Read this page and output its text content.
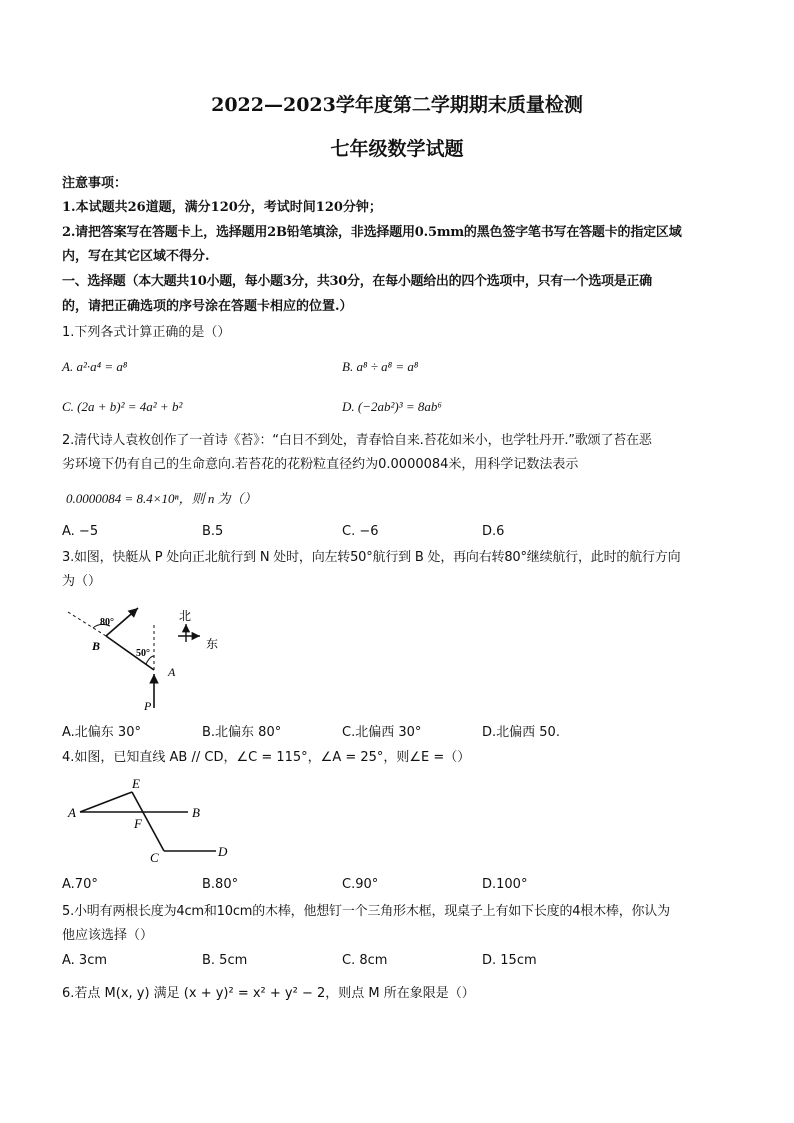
2022—2023学年度第二学期期末质量检测
七年级数学试题
注意事项：
1.本试题共26道题，满分120分，考试时间120分钟；
2.请把答案写在答题卡上，选择题用2B铅笔填涂，非选择题用0.5mm的黑色签字笔书写在答题卡的指定区域
内，写在其它区域不得分.
一、选择题（本大题共10小题，每小题3分，共30分，在每小题给出的四个选项中，只有一个选项是正确
的，请把正确选项的序号涂在答题卡相应的位置.）
1.下列各式计算正确的是（）
A. a²·a⁴ = a⁸	B. a⁸ ÷ a⁸ = a⁸
C. (2a + b)² = 4a² + b²	D. (−2ab²)³ = 8ab⁶
2.清代诗人袁枚创作了一首诗《苔》：“白日不到处，青春恰自来.苔花如米小，也学牡丹开.”歌颂了苔在恶
劣环境下仍有自己的生命意向.若苔花的花粉粒直径约为0.0000084米，用科学记数法表示
0.0000084 = 8.4×10ⁿ，则 n 为（）
A. −5	B.5	C. −6	D.6
3.如图，快艇从 P 处向正北航行到 N 处时，向左转50°航行到 B 处，再向右转80°继续航行，此时的航行方向
为（）
80°
50°
B
A
P
北
东
A.北偏东 30°	B.北偏东 80°	C.北偏西 30°	D.北偏西 50.
4.如图，已知直线 AB // CD，∠C = 115°，∠A = 25°，则∠E =（）
E
A	B
F
C	D
A.70°	B.80°	C.90°	D.100°
5.小明有两根长度为4cm和10cm的木棒，他想钉一个三角形木框，现桌子上有如下长度的4根木棒，你认为
他应该选择（）
A. 3cm	B. 5cm	C. 8cm	D. 15cm
6.若点 M(x, y) 满足 (x + y)² = x² + y² − 2，则点 M 所在象限是（）
